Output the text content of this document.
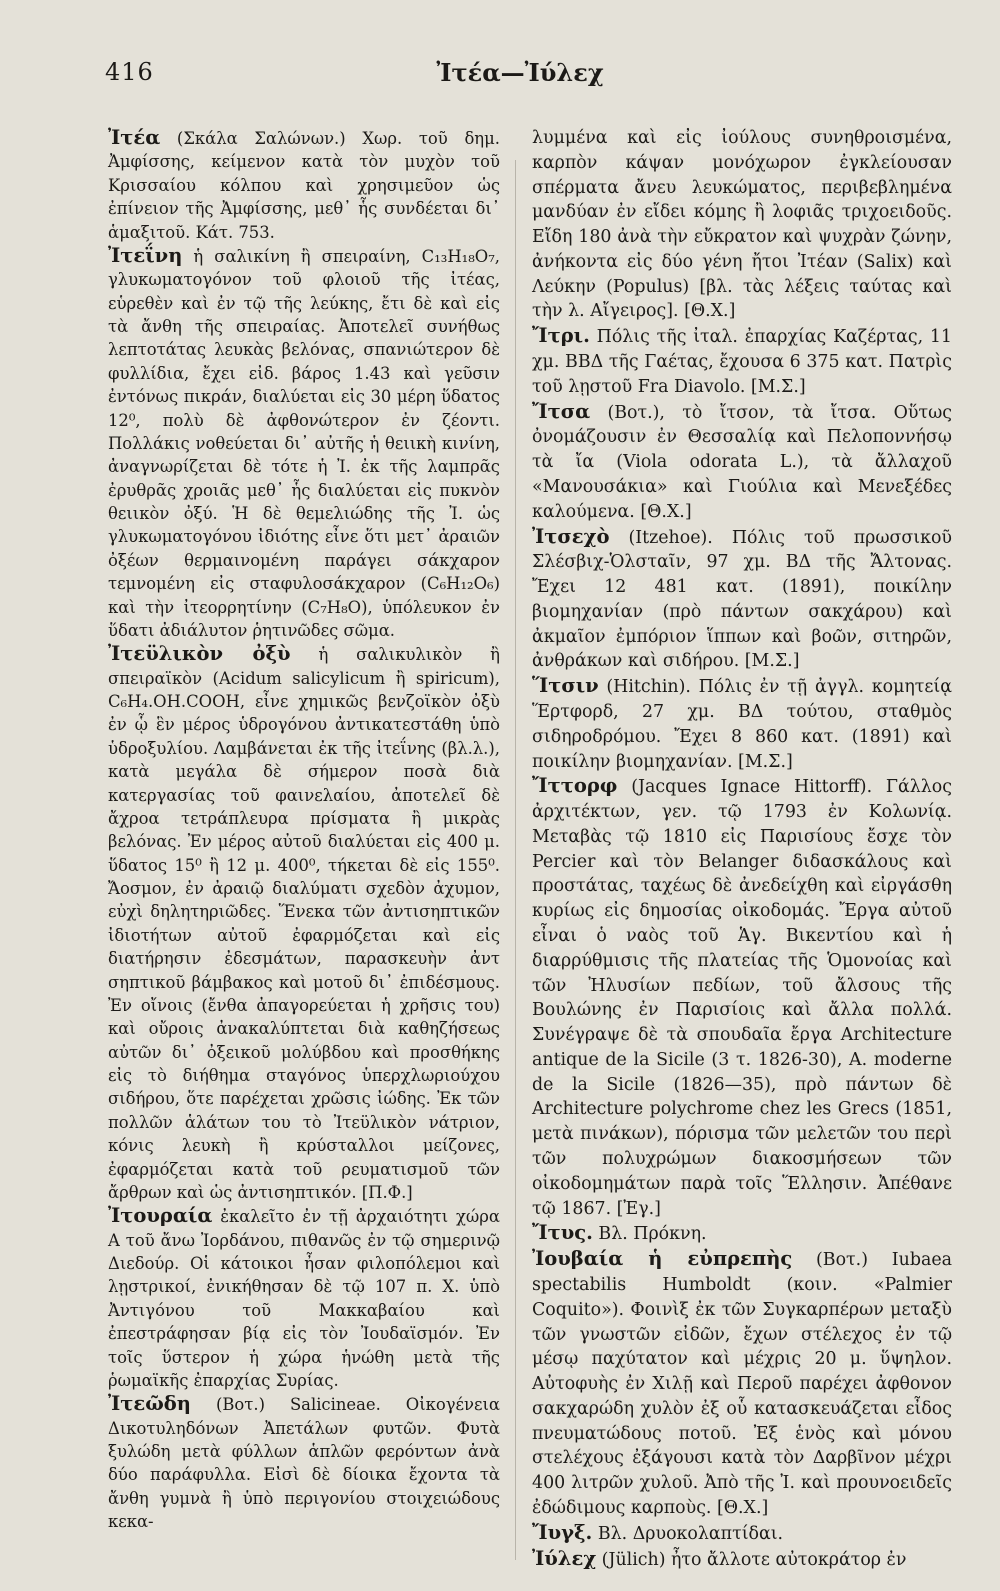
416	Ἰτέα—Ἰύλεχ

Ἰτέα (Σκάλα Σαλώνων.) Χωρ. τοῦ δημ. Ἀμφίσσης, κείμενον κατὰ τὸν μυχὸν τοῦ Κρισσαίου κόλπου καὶ χρησιμεῦον ὡς ἐπίνειον τῆς Ἀμφίσσης, μεθ᾽ ἧς συνδέεται δι᾽ ἁμαξιτοῦ. Κάτ. 753.

Ἰτεΐνη ἡ σαλικίνη ἢ σπειραίνη, C₁₃H₁₈O₇, γλυκωματογόνον τοῦ φλοιοῦ τῆς ἰτέας, εὑρεθὲν καὶ ἐν τῷ τῆς λεύκης, ἔτι δὲ καὶ εἰς τὰ ἄνθη τῆς σπειραίας. Ἀποτελεῖ συνήθως λεπτοτάτας λευκὰς βελόνας, σπανιώτερον δὲ φυλλίδια, ἔχει εἰδ. βάρος 1.43 καὶ γεῦσιν ἐντόνως πικράν, διαλύεται εἰς 30 μέρη ὕδατος 12⁰, πολὺ δὲ ἀφθονώτερον ἐν ζέοντι. Πολλάκις νοθεύεται δι᾽ αὐτῆς ἡ θειικὴ κινίνη, ἀναγνωρίζεται δὲ τότε ἡ Ἰ. ἐκ τῆς λαμπρᾶς ἐρυθρᾶς χροιᾶς μεθ᾽ ἧς διαλύεται εἰς πυκνὸν θειικὸν ὀξύ. Ἡ δὲ θεμελιώδης τῆς Ἰ. ὡς γλυκωματογόνου ἰδιότης εἶνε ὅτι μετ᾽ ἀραιῶν ὀξέων θερμαινομένη παράγει σάκχαρον τεμνομένη εἰς σταφυλοσάκχαρον (C₆H₁₂O₆) καὶ τὴν ἰτεορρητίνην (C₇H₈O), ὑπόλευκον ἐν ὕδατι ἀδιάλυτον ῥητινῶδες σῶμα.

Ἰτεϋλικὸν ὀξὺ ἡ σαλικυλικὸν ἢ σπειραϊκὸν (Acidum salicylicum ἢ spiricum), C₆H₄.OH.COOH, εἶνε χημικῶς βενζοϊκὸν ὀξὺ ἐν ᾧ ἓν μέρος ὑδρογόνου ἀντικατεστάθη ὑπὸ ὑδροξυλίου. Λαμβάνεται ἐκ τῆς ἰτεΐνης (βλ.λ.), κατὰ μεγάλα δὲ σήμερον ποσὰ διὰ κατεργασίας τοῦ φαινελαίου, ἀποτελεῖ δὲ ἄχροα τετράπλευρα πρίσματα ἢ μικρὰς βελόνας. Ἐν μέρος αὐτοῦ διαλύεται εἰς 400 μ. ὕδατος 15⁰ ἢ 12 μ. 400⁰, τήκεται δὲ εἰς 155⁰. Ἄοσμον, ἐν ἀραιῷ διαλύματι σχεδὸν ἀχυμον, εὐχὶ δηλητηριῶδες. Ἕνεκα τῶν ἀντισηπτικῶν ἰδιοτήτων αὐτοῦ ἐφαρμόζεται καὶ εἰς διατήρησιν ἐδεσμάτων, παρασκευὴν ἀντ σηπτικοῦ βάμβακος καὶ μοτοῦ δι᾽ ἐπιδέσμους. Ἐν οἴνοις (ἔνθα ἀπαγορεύεται ἡ χρῆσις του) καὶ οὔροις ἀνακαλύπτεται διὰ καθηζήσεως αὐτῶν δι᾽ ὀξεικοῦ μολύβδου καὶ προσθήκης εἰς τὸ διήθημα σταγόνος ὑπερχλωριούχου σιδήρου, ὅτε παρέχεται χρῶσις ἰώδης. Ἐκ τῶν πολλῶν ἁλάτων του τὸ Ἰτεϋλικὸν νάτριον, κόνις λευκὴ ἢ κρύσταλλοι μείζονες, ἐφαρμόζεται κατὰ τοῦ ρευματισμοῦ τῶν ἄρθρων καὶ ὡς ἀντισηπτικόν. [Π.Φ.]

Ἰτουραία ἐκαλεῖτο ἐν τῇ ἀρχαιότητι χώρα Α τοῦ ἄνω Ἰορδάνου, πιθανῶς ἐν τῷ σημερινῷ Διεδούρ. Οἱ κάτοικοι ἦσαν φιλοπόλεμοι καὶ λῃστρικοί, ἐνικήθησαν δὲ τῷ 107 π. Χ. ὑπὸ Ἀντιγόνου τοῦ Μακκαβαίου καὶ ἐπεστράφησαν βίᾳ εἰς τὸν Ἰουδαϊσμόν. Ἐν τοῖς ὕστερον ἡ χώρα ἡνώθη μετὰ τῆς ῥωμαϊκῆς ἐπαρχίας Συρίας.

Ἰτεῶδη (Βοτ.) Salicineae. Οἰκογένεια Δικοτυληδόνων Ἀπετάλων φυτῶν. Φυτὰ ξυλώδη μετὰ φύλλων ἁπλῶν φερόντων ἀνὰ δύο παράφυλλα. Εἰσὶ δὲ δίοικα ἔχοντα τὰ ἄνθη γυμνὰ ἢ ὑπὸ περιγονίου στοιχειώδους κεκα-

λυμμένα καὶ εἰς ἰούλους συνηθροισμένα, καρπὸν κάψαν μονόχωρον ἐγκλείουσαν σπέρματα ἄνευ λευκώματος, περιβεβλημένα μανδύαν ἐν εἴδει κόμης ἢ λοφιᾶς τριχοειδοῦς. Εἴδη 180 ἀνὰ τὴν εὔκρατον καὶ ψυχρὰν ζώνην, ἀνήκοντα εἰς δύο γένη ἤτοι Ἰτέαν (Salix) καὶ Λεύκην (Populus) [βλ. τὰς λέξεις ταύτας καὶ τὴν λ. Αἴγειρος]. [Θ.Χ.]

Ἴτρι. Πόλις τῆς ἰταλ. ἐπαρχίας Καζέρτας, 11 χμ. ΒΒΔ τῆς Γαέτας, ἔχουσα 6 375 κατ. Πατρὶς τοῦ λῃστοῦ Fra Diavolo. [Μ.Σ.]

Ἴτσα (Βοτ.), τὸ ἴτσον, τὰ ἴτσα. Οὕτως ὀνομάζουσιν ἐν Θεσσαλίᾳ καὶ Πελοποννήσῳ τὰ ἴα (Viola odorata L.), τὰ ἄλλαχοῦ «Μανουσάκια» καὶ Γιούλια καὶ Μενεξέδες καλούμενα. [Θ.Χ.]

Ἰτσεχὸ (Itzehoe). Πόλις τοῦ πρωσσικοῦ Σλέσβιχ-Ὁλσταῖν, 97 χμ. ΒΔ τῆς Ἄλτονας. Ἔχει 12 481 κατ. (1891), ποικίλην βιομηχανίαν (πρὸ πάντων σακχάρου) καὶ ἀκμαῖον ἐμπόριον ἵππων καὶ βοῶν, σιτηρῶν, ἀνθράκων καὶ σιδήρου. [Μ.Σ.]

Ἵτσιν (Hitchin). Πόλις ἐν τῇ ἀγγλ. κομητείᾳ Ἕρτφορδ, 27 χμ. ΒΔ τούτου, σταθμὸς σιδηροδρόμου. Ἔχει 8 860 κατ. (1891) καὶ ποικίλην βιομηχανίαν. [Μ.Σ.]

Ἴττορφ (Jacques Ignace Hittorff). Γάλλος ἀρχιτέκτων, γεν. τῷ 1793 ἐν Κολωνίᾳ. Μεταβὰς τῷ 1810 εἰς Παρισίους ἔσχε τὸν Percier καὶ τὸν Belanger διδασκάλους καὶ προστάτας, ταχέως δὲ ἀνεδείχθη καὶ εἰργάσθη κυρίως εἰς δημοσίας οἰκοδομάς. Ἔργα αὐτοῦ εἶναι ὁ ναὸς τοῦ Ἁγ. Βικεντίου καὶ ἡ διαρρύθμισις τῆς πλατείας τῆς Ὁμονοίας καὶ τῶν Ἠλυσίων πεδίων, τοῦ ἄλσους τῆς Βουλώνης ἐν Παρισίοις καὶ ἄλλα πολλά. Συνέγραψε δὲ τὰ σπουδαῖα ἔργα Architecture antique de la Sicile (3 τ. 1826-30), A. moderne de la Sicile (1826—35), πρὸ πάντων δὲ Architecture polychrome chez les Grecs (1851, μετὰ πινάκων), πόρισμα τῶν μελετῶν του περὶ τῶν πολυχρώμων διακοσμήσεων τῶν οἰκοδομημάτων παρὰ τοῖς Ἕλλησιν. Ἀπέθανε τῷ 1867. [Ἐγ.]

Ἴτυς. Βλ. Πρόκνη.

Ἰουβαία ἡ εὐπρεπὴς (Βοτ.) Iubaea spectabilis Humboldt (κοιν. «Palmier Coquito»). Φοινὶξ ἐκ τῶν Συγκαρπέρων μεταξὺ τῶν γνωστῶν εἰδῶν, ἔχων στέλεχος ἐν τῷ μέσῳ παχύτατον καὶ μέχρις 20 μ. ὕψηλον. Αὐτοφυὴς ἐν Χιλῇ καὶ Περοῦ παρέχει ἀφθονον σακχαρώδη χυλὸν ἐξ οὗ κατασκευάζεται εἶδος πνευματώδους ποτοῦ. Ἐξ ἑνὸς καὶ μόνου στελέχους ἐξάγουσι κατὰ τὸν Δαρβῖνον μέχρι 400 λιτρῶν χυλοῦ. Ἀπὸ τῆς Ἰ. καὶ προυνοειδεῖς ἐδώδιμους καρποὺς. [Θ.Χ.]

Ἴυγξ. Βλ. Δρυοκολαπτίδαι.

Ἰύλεχ (Jülich) ἦτο ἄλλοτε αὐτοκράτορ ἐν
